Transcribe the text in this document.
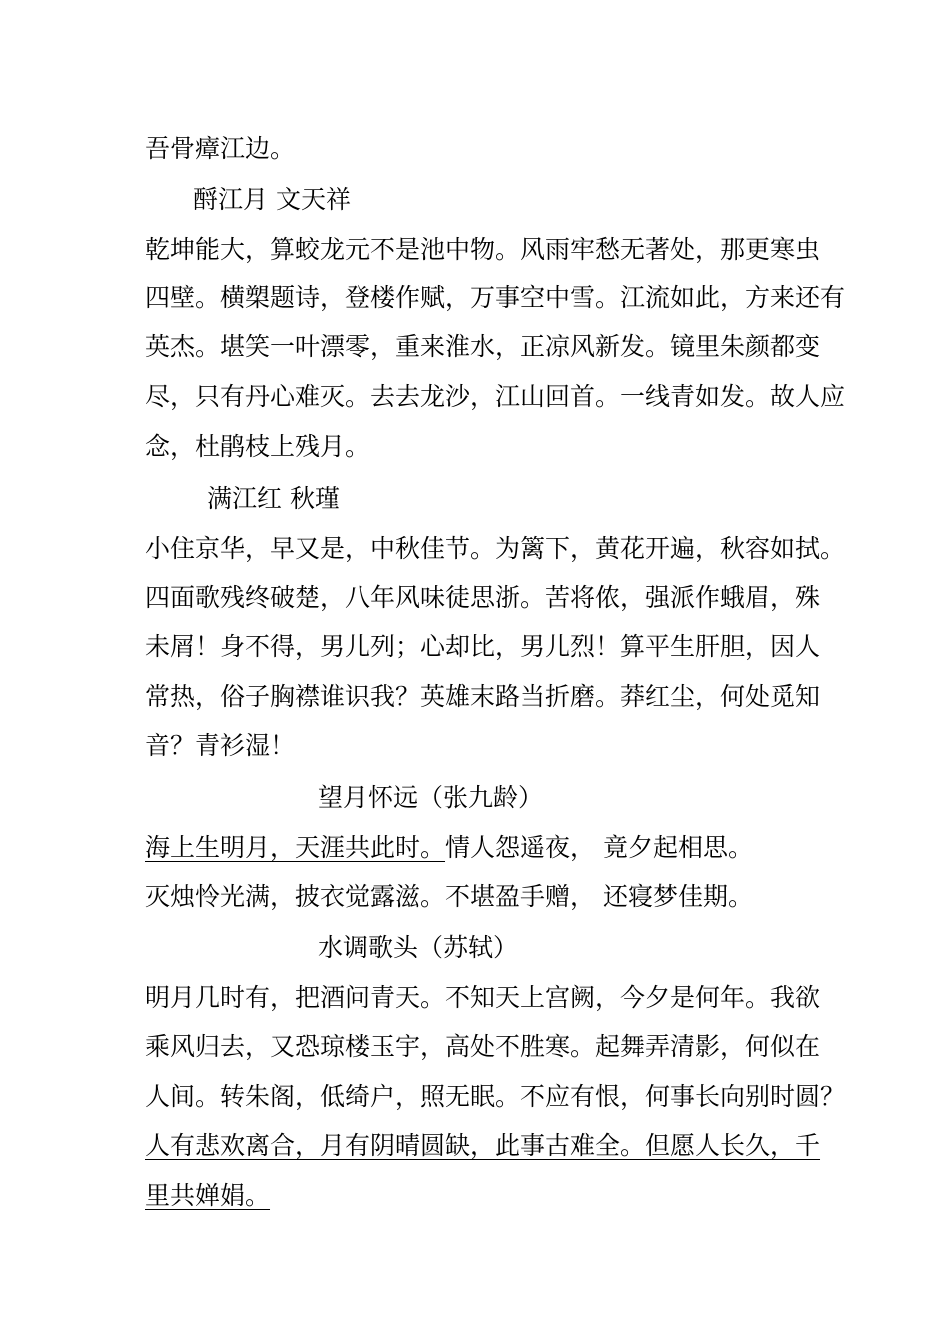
吾骨瘴江边。
酹江月 文天祥
乾坤能大，算蛟龙元不是池中物。风雨牢愁无著处，那更寒虫
四壁。横槊题诗，登楼作赋，万事空中雪。江流如此，方来还有
英杰。堪笑一叶漂零，重来淮水，正凉风新发。镜里朱颜都变
尽，只有丹心难灭。去去龙沙，江山回首。一线青如发。故人应
念，杜鹃枝上残月。
满江红 秋瑾
小住京华，早又是，中秋佳节。为篱下，黄花开遍，秋容如拭。
四面歌残终破楚，八年风味徒思浙。苦将侬，强派作蛾眉，殊
未屑！身不得，男儿列；心却比，男儿烈！算平生肝胆，因人
常热，俗子胸襟谁识我？英雄末路当折磨。莽红尘，何处觅知
音？青衫湿！
望月怀远（张九龄）
海上生明月，天涯共此时。情人怨遥夜， 竟夕起相思。
灭烛怜光满，披衣觉露滋。不堪盈手赠， 还寝梦佳期。
水调歌头（苏轼）
明月几时有，把酒问青天。不知天上宫阙，今夕是何年。我欲
乘风归去，又恐琼楼玉宇，高处不胜寒。起舞弄清影，何似在
人间。转朱阁，低绮户，照无眠。不应有恨，何事长向别时圆？
人有悲欢离合，月有阴晴圆缺，此事古难全。但愿人长久，千
里共婵娟。
